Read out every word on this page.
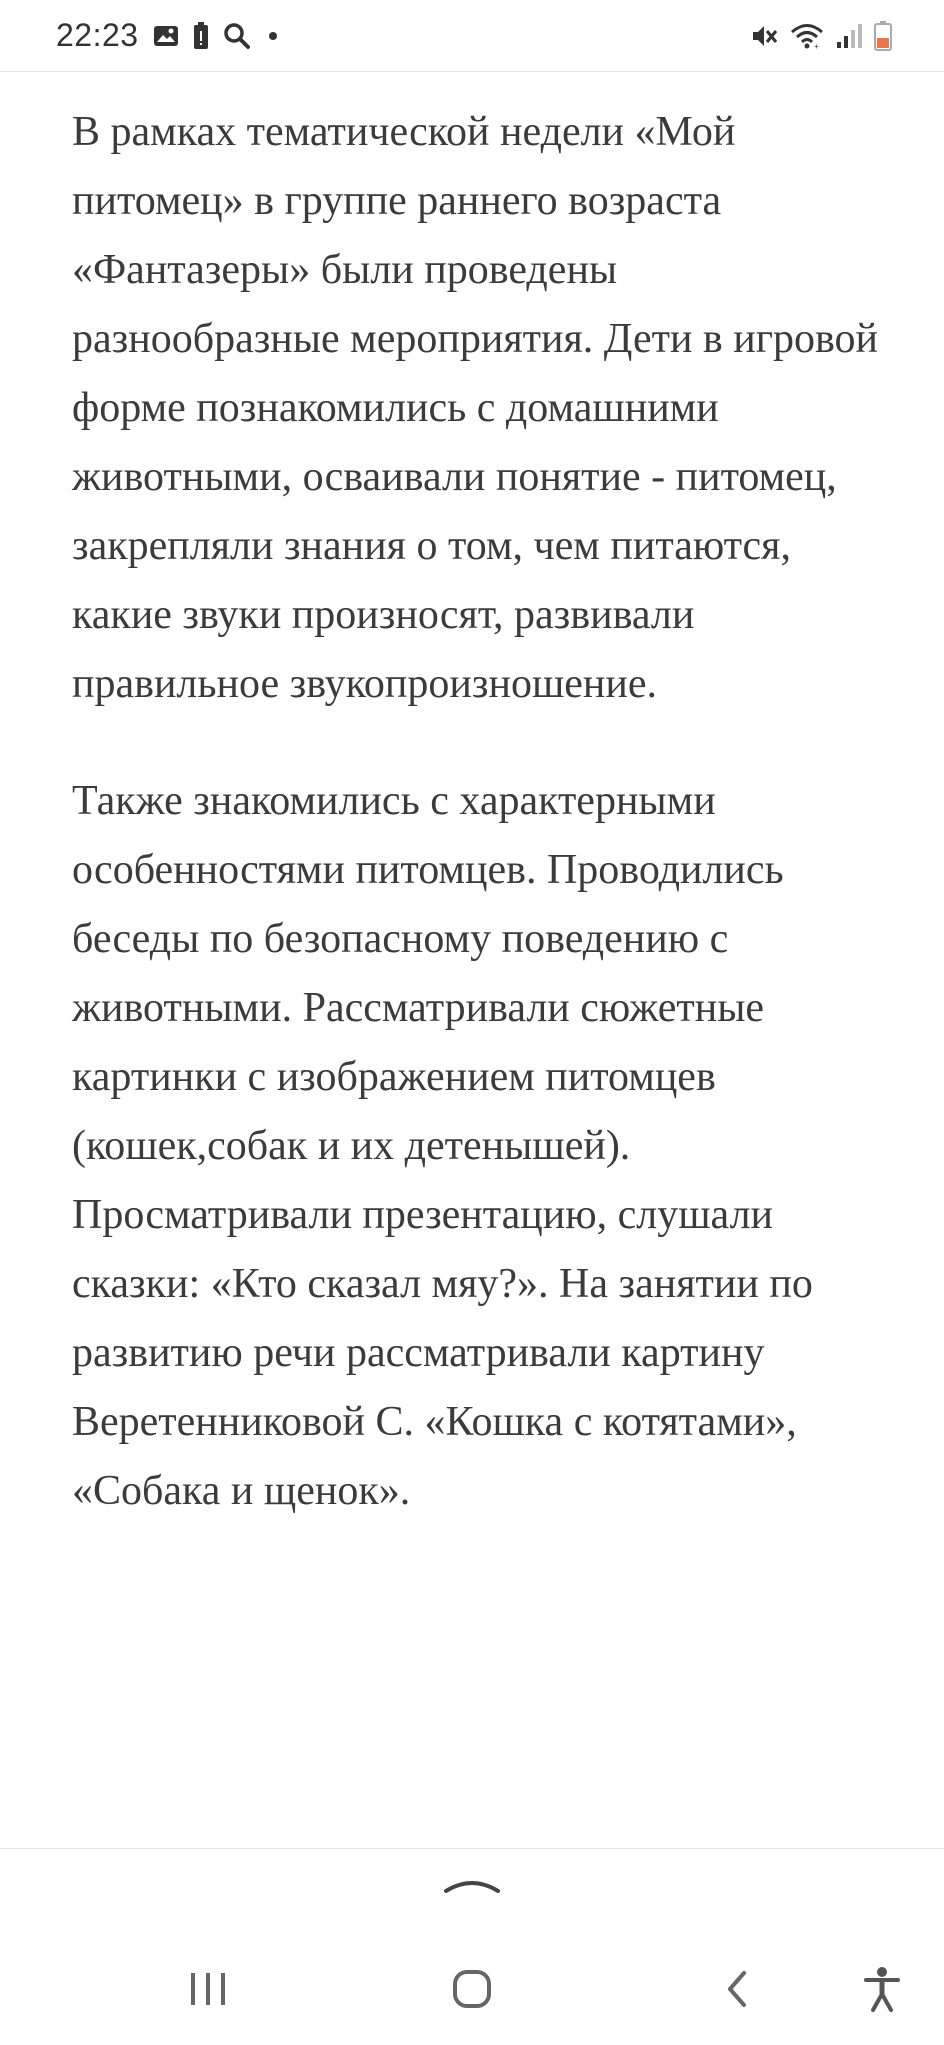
22:23	+

В рамках тематической недели «Мой питомец» в группе раннего возраста «Фантазеры» были проведены разнообразные мероприятия. Дети в игровой форме познакомились с домашними животными, осваивали понятие - питомец, закрепляли знания о том, чем питаются, какие звуки произносят, развивали правильное звукопроизношение.

Также знакомились с характерными особенностями питомцев. Проводились беседы по безопасному поведению с животными. Рассматривали сюжетные картинки с изображением питомцев (кошек,собак и их детенышей). Просматривали презентацию, слушали сказки: «Кто сказал мяу?». На занятии по развитию речи рассматривали картину Веретенниковой С. «Кошка с котятами», «Собака и щенок».
